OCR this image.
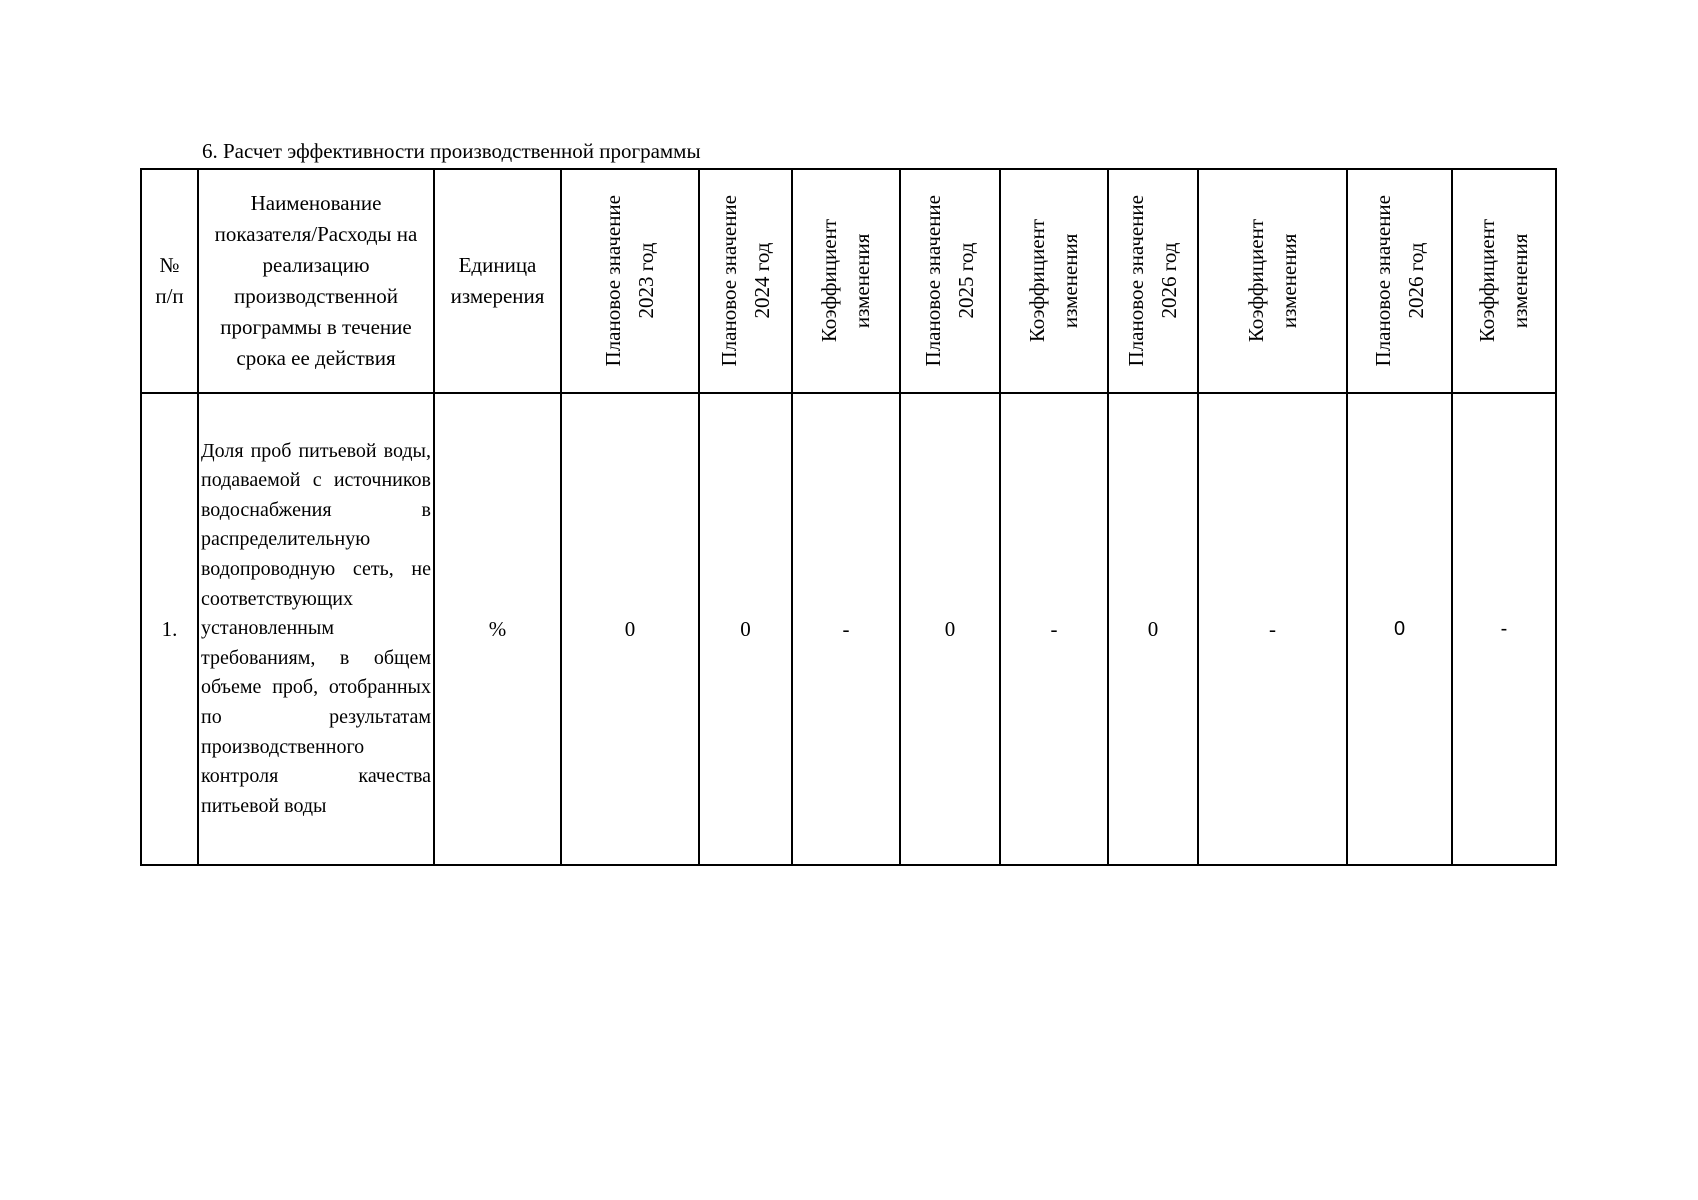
6. Расчет эффективности производственной программы
№ п/п	Наименование показателя/Расходы на реализацию производственной программы в течение срока ее действия	Единица измерения	Плановое значение 2023 год	Плановое значение 2024 год	Коэффициент изменения	Плановое значение 2025 год	Коэффициент изменения	Плановое значение 2026 год	Коэффициент изменения	Плановое значение 2026 год	Коэффициент изменения

1.	Доля проб питьевой воды, подаваемой с источников водоснабжения в распределительную водопроводную сеть, не соответствующих установленным требованиям, в общем объеме проб, отобранных по результатам производственного контроля качества питьевой воды	%	0	0	-	0	-	0	-	0	-
